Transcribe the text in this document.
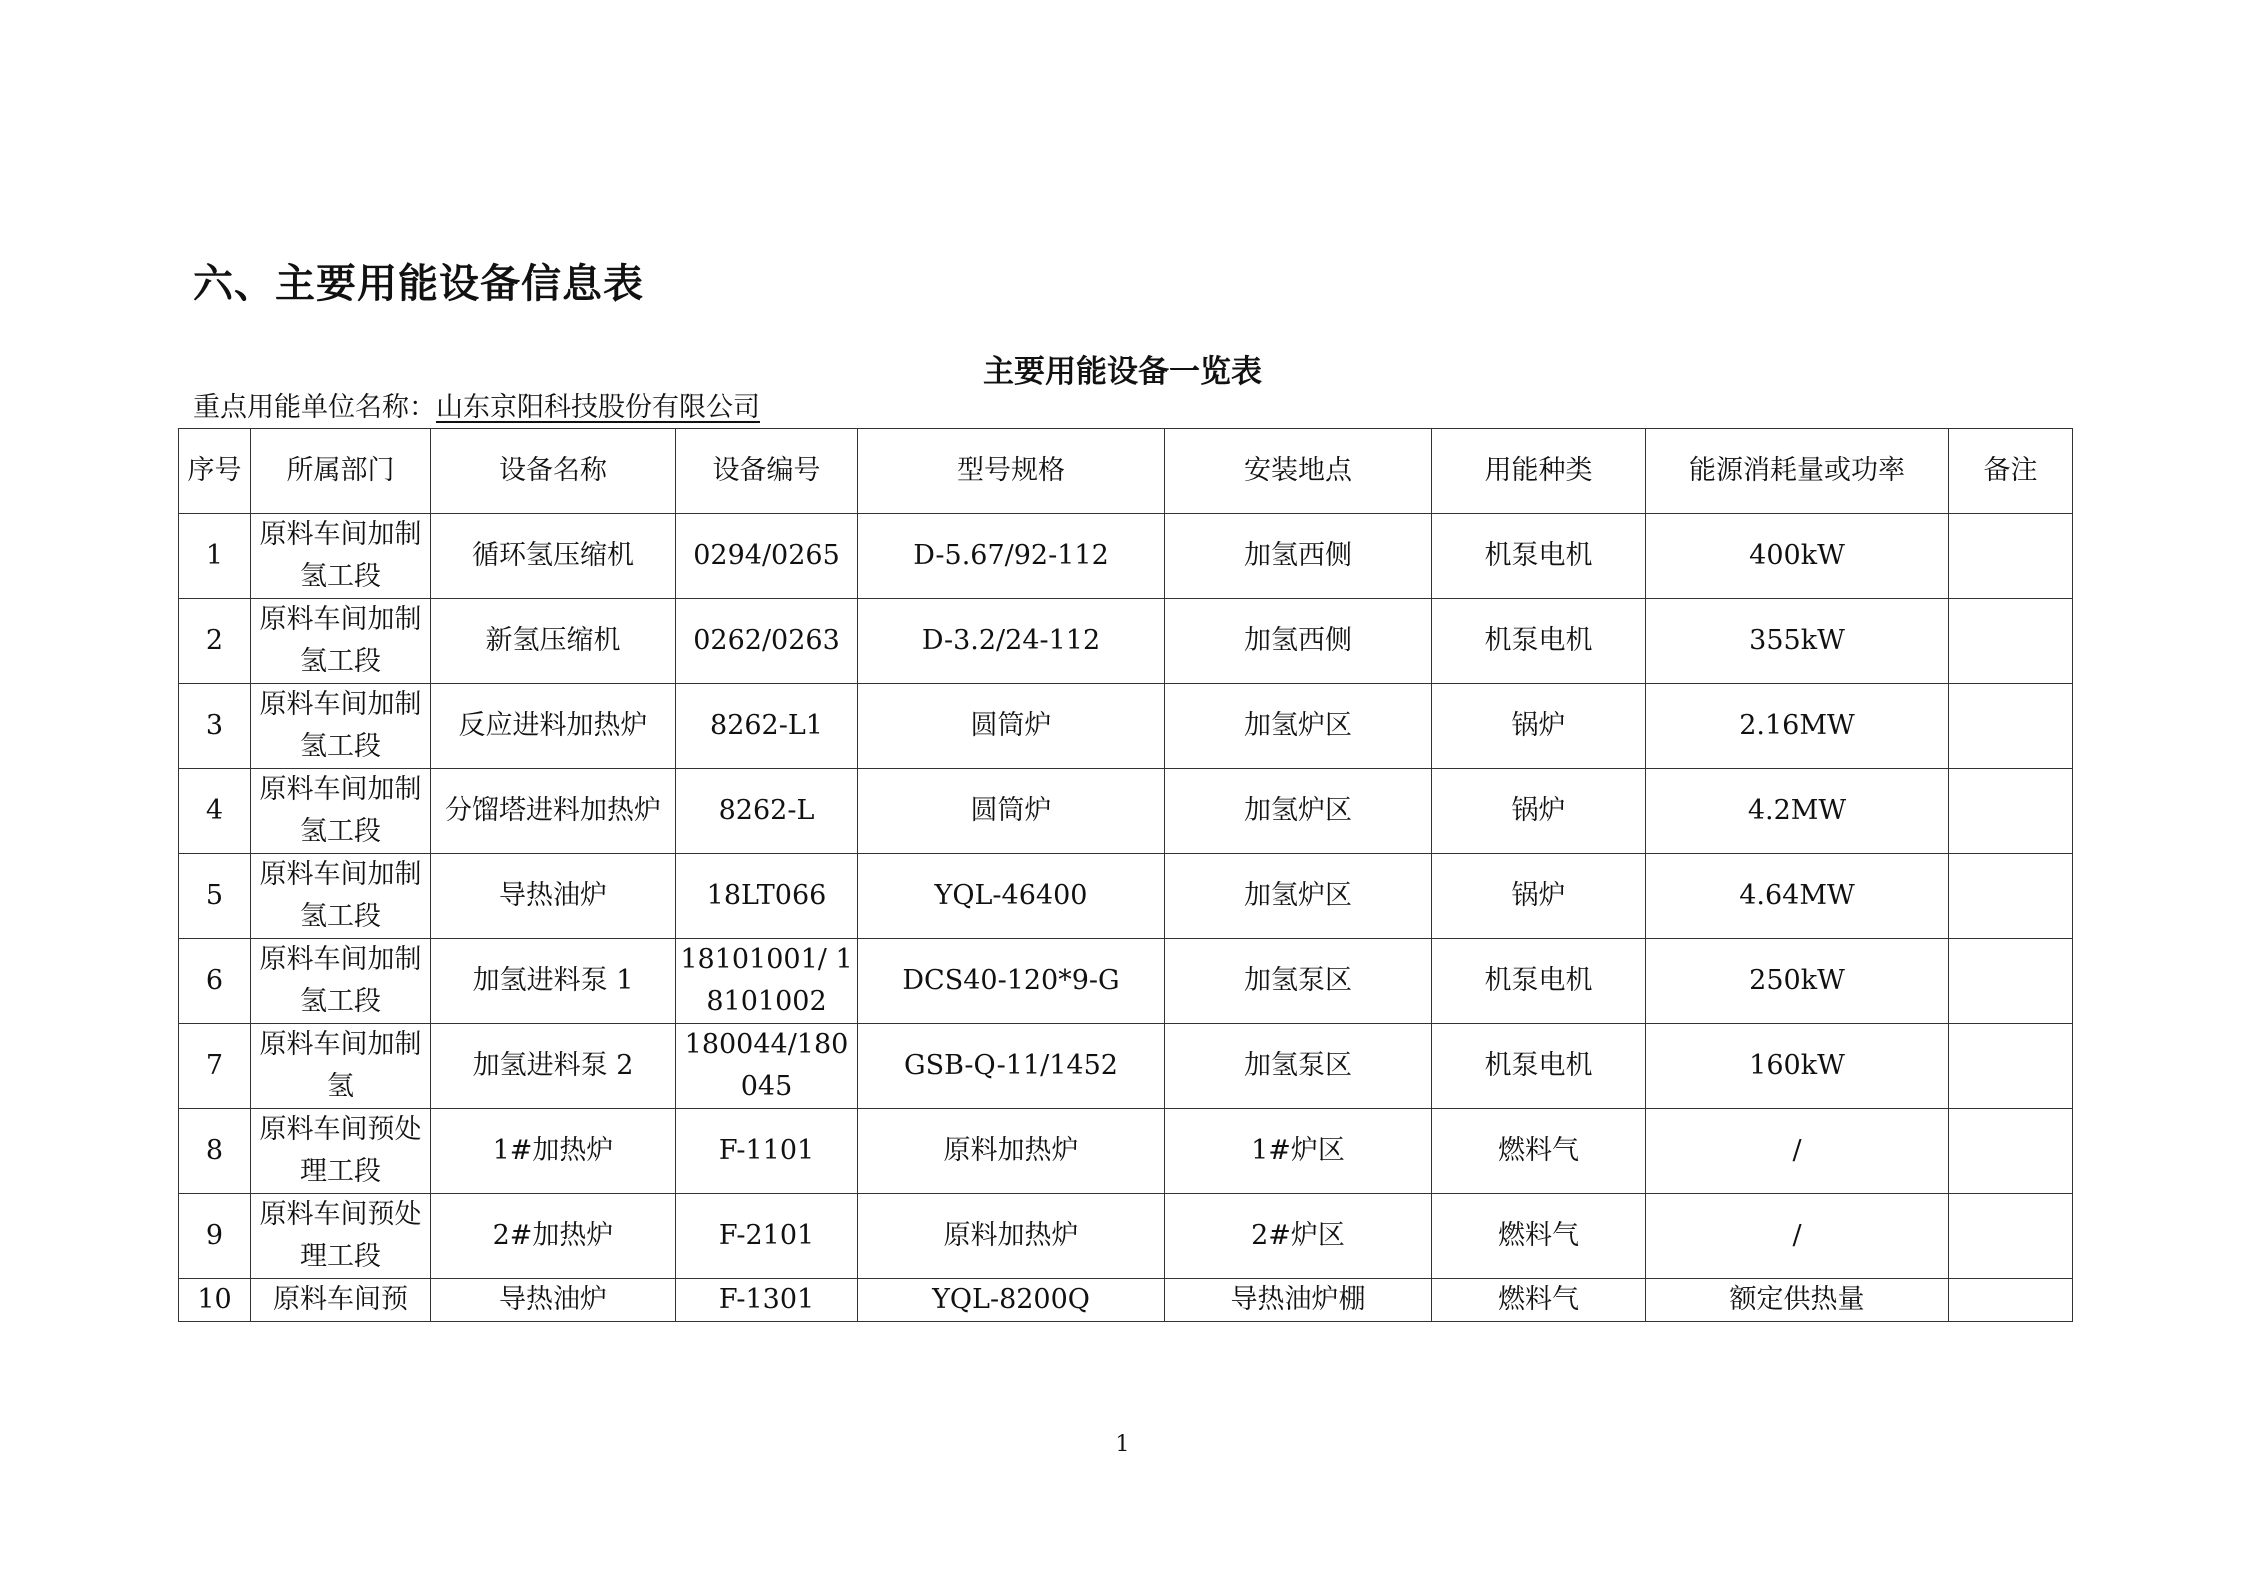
六、主要用能设备信息表
主要用能设备一览表
重点用能单位名称：山东京阳科技股份有限公司
序号	所属部门	设备名称	设备编号	型号规格	安装地点	用能种类	能源消耗量或功率	备注
1	原料车间加制氢工段	循环氢压缩机	0294/0265	D-5.67/92-112	加氢西侧	机泵电机	400kW	
2	原料车间加制氢工段	新氢压缩机	0262/0263	D-3.2/24-112	加氢西侧	机泵电机	355kW	
3	原料车间加制氢工段	反应进料加热炉	8262-L1	圆筒炉	加氢炉区	锅炉	2.16MW	
4	原料车间加制氢工段	分馏塔进料加热炉	8262-L	圆筒炉	加氢炉区	锅炉	4.2MW	
5	原料车间加制氢工段	导热油炉	18LT066	YQL-46400	加氢炉区	锅炉	4.64MW	
6	原料车间加制氢工段	加氢进料泵 1	18101001/ 18101002	DCS40-120*9-G	加氢泵区	机泵电机	250kW	
7	原料车间加制氢	加氢进料泵 2	180044/180045	GSB-Q-11/1452	加氢泵区	机泵电机	160kW	
8	原料车间预处理工段	1#加热炉	F-1101	原料加热炉	1#炉区	燃料气	/	
9	原料车间预处理工段	2#加热炉	F-2101	原料加热炉	2#炉区	燃料气	/	
10	原料车间预	导热油炉	F-1301	YQL-8200Q	导热油炉棚	燃料气	额定供热量	
1
